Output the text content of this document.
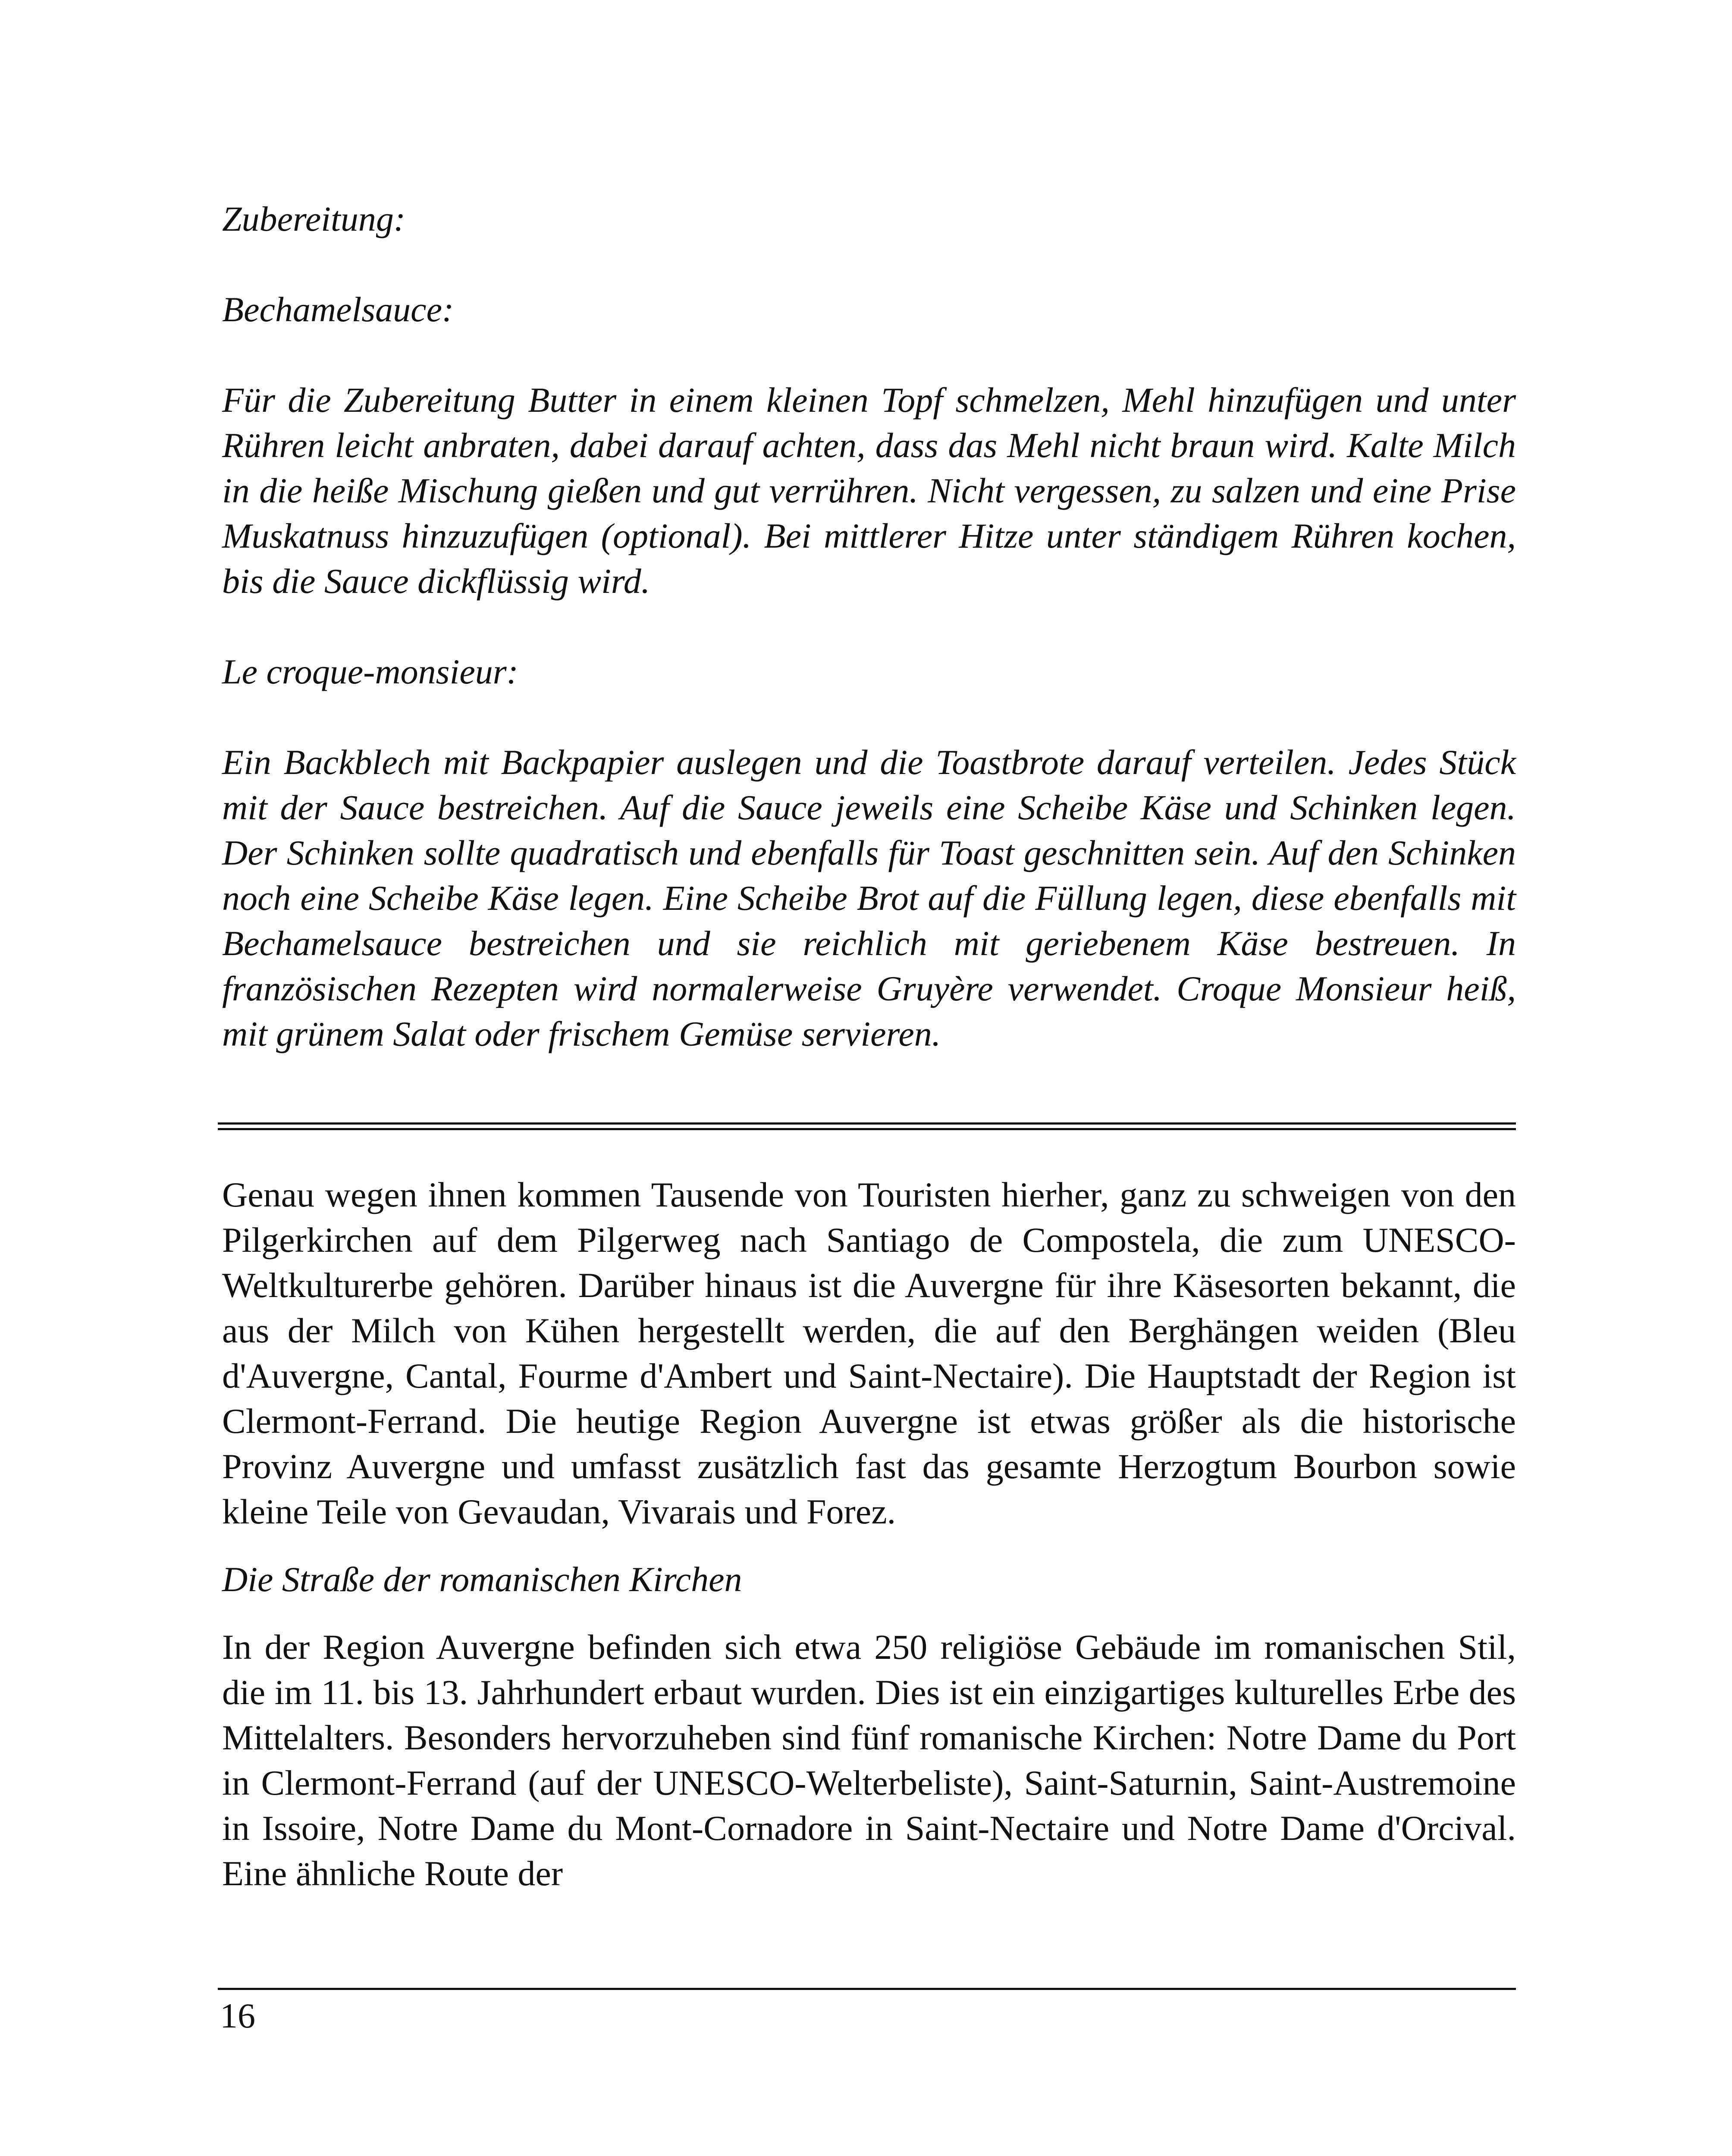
Zubereitung:

Bechamelsauce:

Für die Zubereitung Butter in einem kleinen Topf schmelzen, Mehl hinzufügen und unter Rühren leicht anbraten, dabei darauf achten, dass das Mehl nicht braun wird. Kalte Milch in die heiße Mischung gießen und gut verrühren. Nicht vergessen, zu salzen und eine Prise Muskatnuss hinzuzufügen (optional). Bei mittlerer Hitze unter ständigem Rühren kochen, bis die Sauce dickflüssig wird.

Le croque-monsieur:

Ein Backblech mit Backpapier auslegen und die Toastbrote darauf verteilen. Jedes Stück mit der Sauce bestreichen. Auf die Sauce jeweils eine Scheibe Käse und Schinken legen. Der Schinken sollte quadratisch und ebenfalls für Toast geschnitten sein. Auf den Schinken noch eine Scheibe Käse legen. Eine Scheibe Brot auf die Füllung legen, diese ebenfalls mit Bechamelsauce bestreichen und sie reichlich mit geriebenem Käse bestreuen. In französischen Rezepten wird normalerweise Gruyère verwendet. Croque Monsieur heiß, mit grünem Salat oder frischem Gemüse servieren.

Genau wegen ihnen kommen Tausende von Touristen hierher, ganz zu schweigen von den Pilgerkirchen auf dem Pilgerweg nach Santiago de Compostela, die zum UNESCO-Weltkulturerbe gehören. Darüber hinaus ist die Auvergne für ihre Käsesorten bekannt, die aus der Milch von Kühen hergestellt werden, die auf den Berghängen weiden (Bleu d'Auvergne, Cantal, Fourme d'Ambert und Saint-Nectaire). Die Hauptstadt der Region ist Clermont-Ferrand. Die heutige Region Auvergne ist etwas größer als die historische Provinz Auvergne und umfasst zusätzlich fast das gesamte Herzogtum Bourbon sowie kleine Teile von Gevaudan, Vivarais und Forez.

Die Straße der romanischen Kirchen

In der Region Auvergne befinden sich etwa 250 religiöse Gebäude im romanischen Stil, die im 11. bis 13. Jahrhundert erbaut wurden. Dies ist ein einzigartiges kulturelles Erbe des Mittelalters. Besonders hervorzuheben sind fünf romanische Kirchen: Notre Dame du Port in Clermont-Ferrand (auf der UNESCO-Welterbeliste), Saint-Saturnin, Saint-Austremoine in Issoire, Notre Dame du Mont-Cornadore in Saint-Nectaire und Notre Dame d'Orcival. Eine ähnliche Route der

16
